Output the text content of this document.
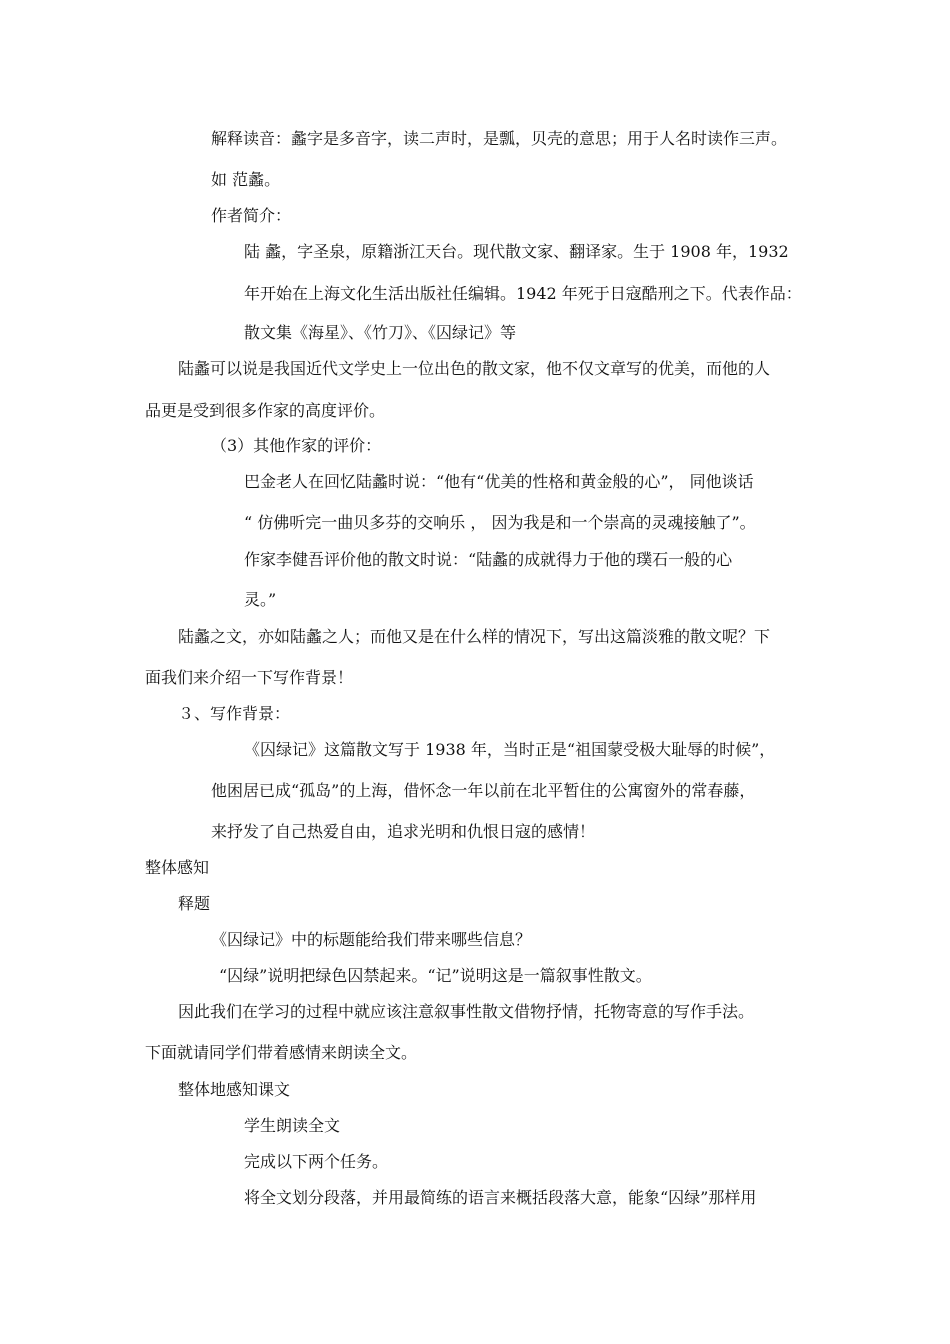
解释读音：蠡字是多音字，读二声时，是瓢，贝壳的意思；用于人名时读作三声。
如 范蠡。
作者简介：
陆 蠡，字圣泉，原籍浙江天台。现代散文家、翻译家。生于 1908 年，1932
年开始在上海文化生活出版社任编辑。1942 年死于日寇酷刑之下。代表作品：
散文集《海星》、《竹刀》、《囚绿记》等
陆蠡可以说是我国近代文学史上一位出色的散文家，他不仅文章写的优美，而他的人
品更是受到很多作家的高度评价。
（3）其他作家的评价：
巴金老人在回忆陆蠡时说：“他有“优美的性格和黄金般的心”， 同他谈话
“ 仿佛听完一曲贝多芬的交响乐 ， 因为我是和一个崇高的灵魂接触了”。
作家李健吾评价他的散文时说：“陆蠡的成就得力于他的璞石一般的心
灵。”
陆蠡之文，亦如陆蠡之人；而他又是在什么样的情况下，写出这篇淡雅的散文呢？下
面我们来介绍一下写作背景！
３、写作背景：
《囚绿记》这篇散文写于 1938 年，当时正是“祖国蒙受极大耻辱的时候”，
他困居已成“孤岛”的上海，借怀念一年以前在北平暂住的公寓窗外的常春藤，
来抒发了自己热爱自由，追求光明和仇恨日寇的感情！
整体感知
释题
《囚绿记》中的标题能给我们带来哪些信息？
“囚绿”说明把绿色囚禁起来。“记”说明这是一篇叙事性散文。
因此我们在学习的过程中就应该注意叙事性散文借物抒情，托物寄意的写作手法。
下面就请同学们带着感情来朗读全文。
整体地感知课文
学生朗读全文
完成以下两个任务。
将全文划分段落，并用最简练的语言来概括段落大意，能象“囚绿”那样用
